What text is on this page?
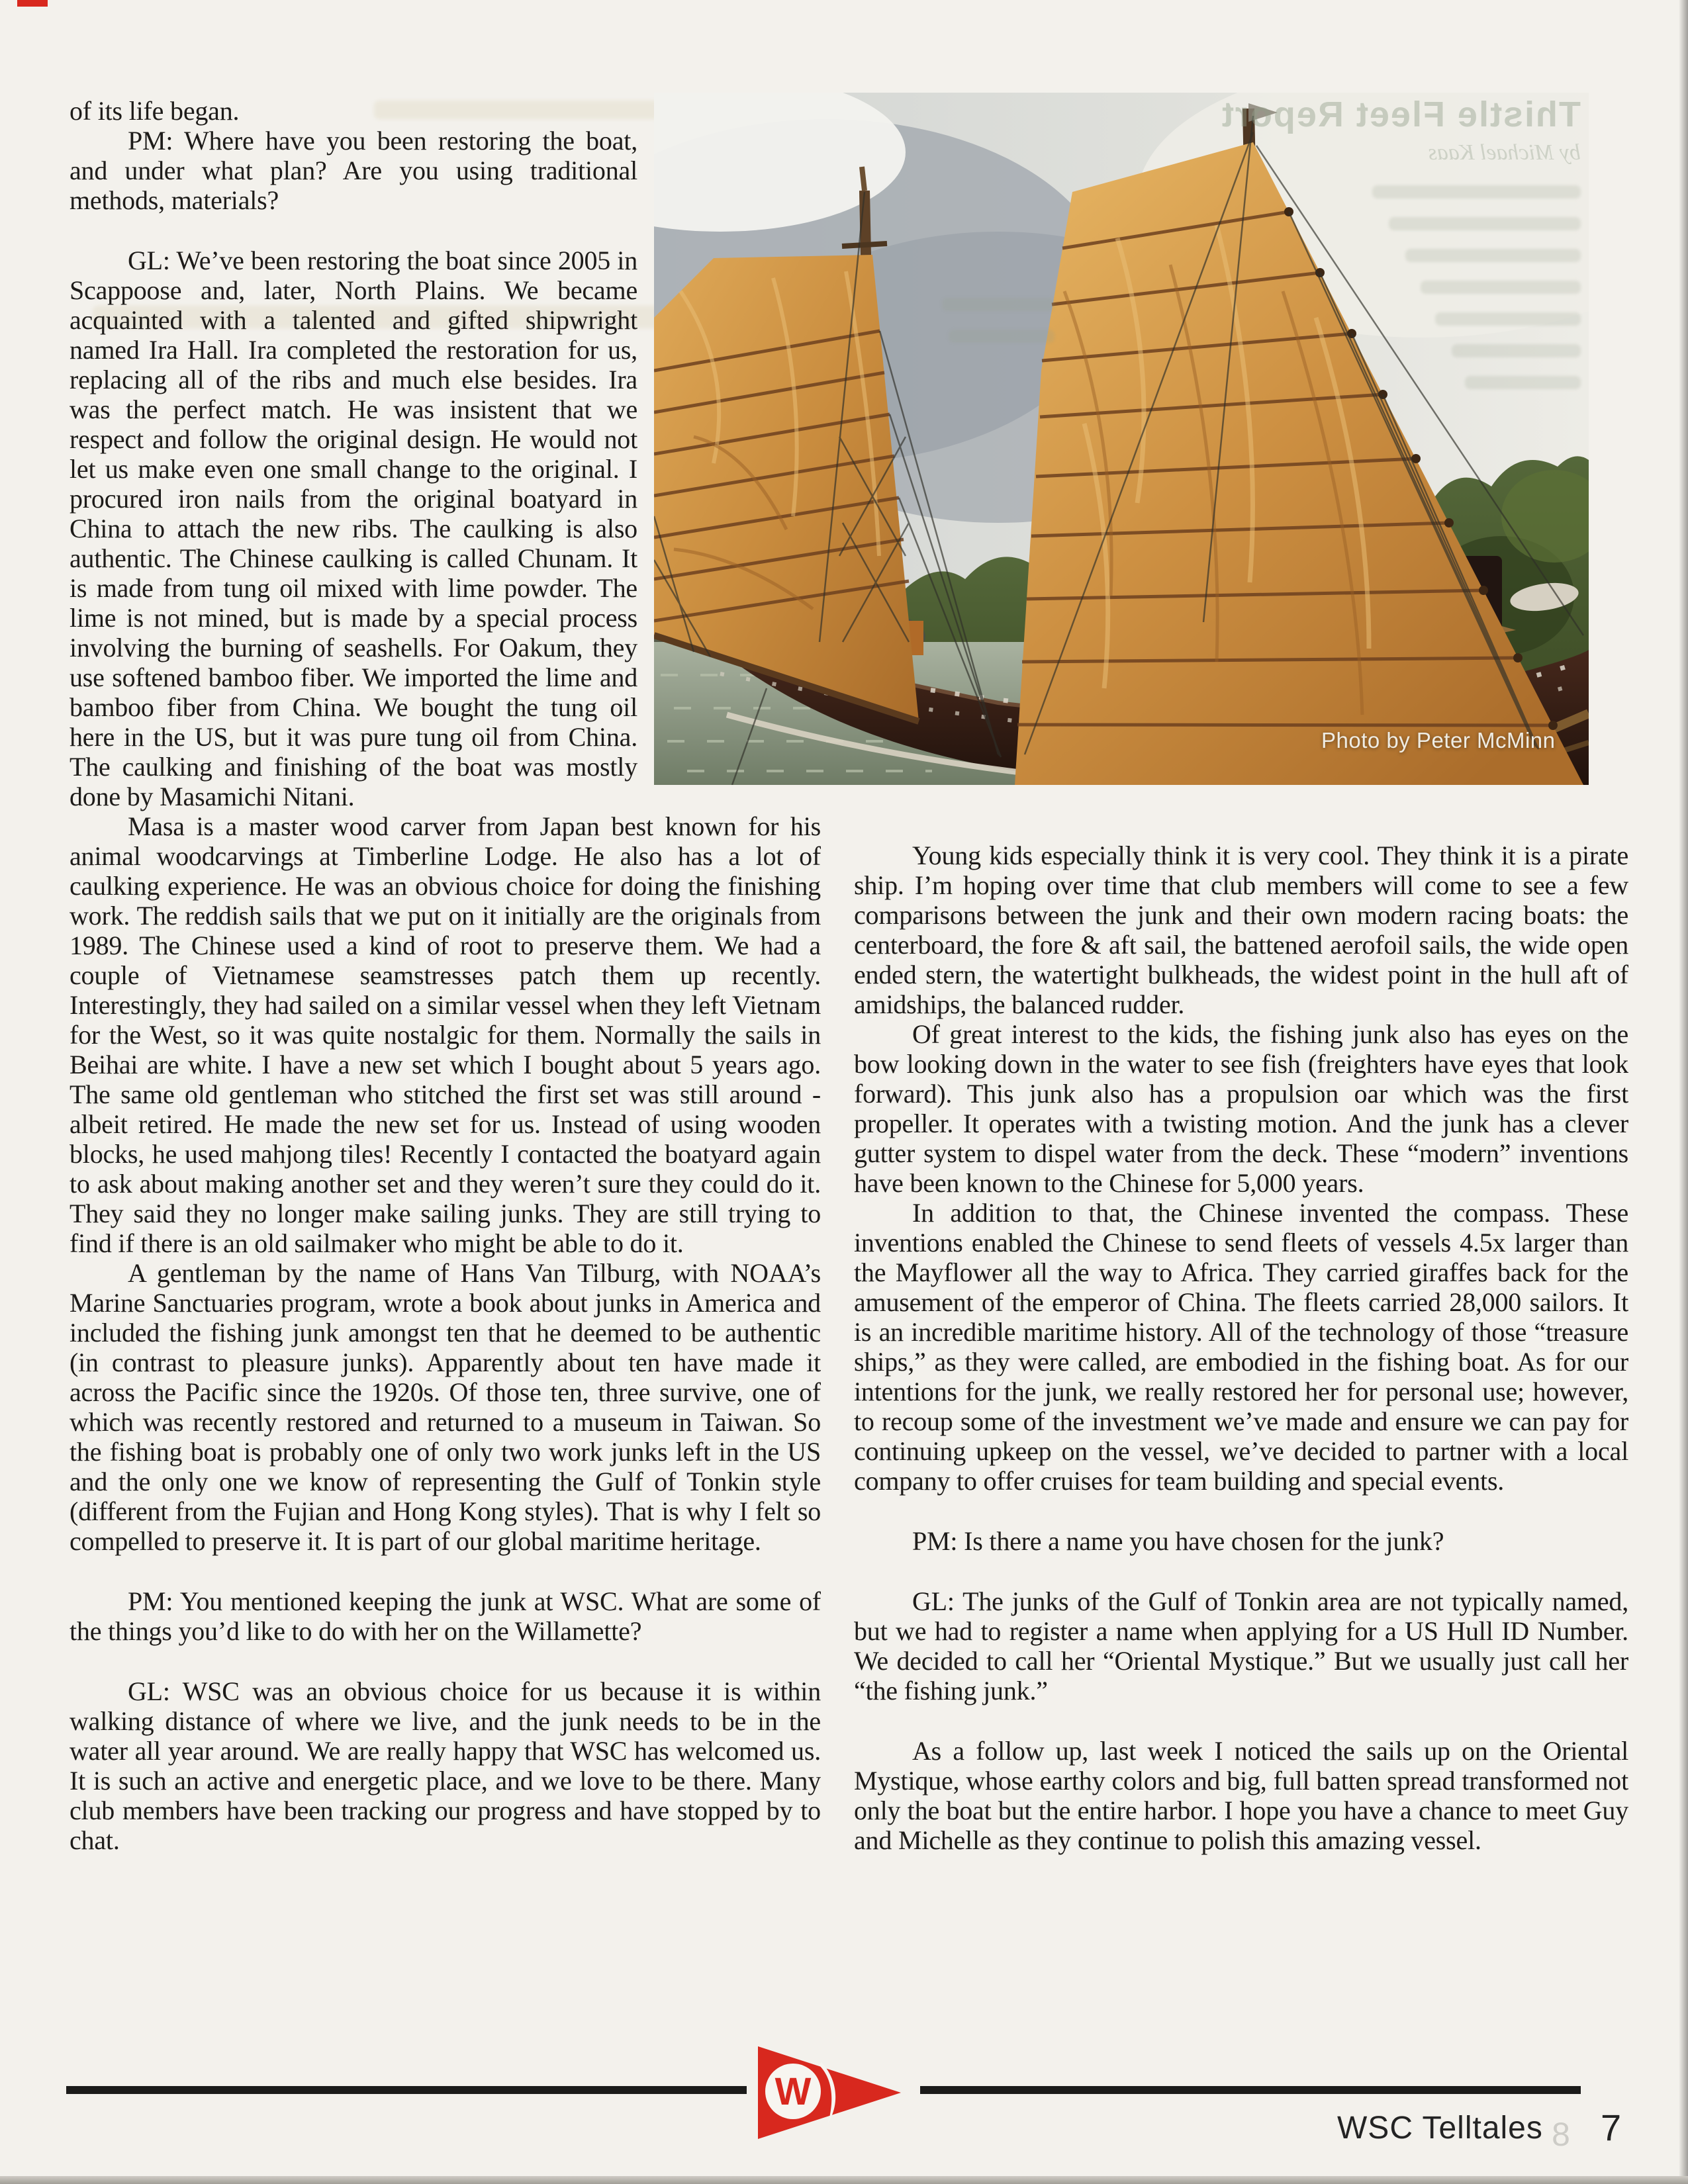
of its life began.

PM: Where have you been restoring the boat, and under what plan? Are you using traditional methods, materials?

GL: We’ve been restoring the boat since 2005 in Scappoose and, later, North Plains. We became acquainted with a talented and gifted shipwright named Ira Hall. Ira completed the restoration for us, replacing all of the ribs and much else besides. Ira was the perfect match. He was insistent that we respect and follow the original design. He would not let us make even one small change to the original. I procured iron nails from the original boatyard in China to attach the new ribs. The caulking is also authentic. The Chinese caulking is called Chunam. It is made from tung oil mixed with lime powder. The lime is not mined, but is made by a special process involving the burning of seashells. For Oakum, they use softened bamboo fiber. We imported the lime and bamboo fiber from China. We bought the tung oil here in the US, but it was pure tung oil from China. The caulking and finishing of the boat was mostly done by Masamichi Nitani.

Masa is a master wood carver from Japan best known for his animal woodcarvings at Timberline Lodge. He also has a lot of caulking experience. He was an obvious choice for doing the finishing work. The reddish sails that we put on it initially are the originals from 1989. The Chinese used a kind of root to preserve them. We had a couple of Vietnamese seamstresses patch them up recently. Interestingly, they had sailed on a similar vessel when they left Vietnam for the West, so it was quite nostalgic for them. Normally the sails in Beihai are white. I have a new set which I bought about 5 years ago. The same old gentleman who stitched the first set was still around - albeit retired. He made the new set for us. Instead of using wooden blocks, he used mahjong tiles! Recently I contacted the boatyard again to ask about making another set and they weren’t sure they could do it. They said they no longer make sailing junks. They are still trying to find if there is an old sailmaker who might be able to do it.

A gentleman by the name of Hans Van Tilburg, with NOAA’s Marine Sanctuaries program, wrote a book about junks in America and included the fishing junk amongst ten that he deemed to be authentic (in contrast to pleasure junks). Apparently about ten have made it across the Pacific since the 1920s. Of those ten, three survive, one of which was recently restored and returned to a museum in Taiwan. So the fishing boat is probably one of only two work junks left in the US and the only one we know of representing the Gulf of Tonkin style (different from the Fujian and Hong Kong styles). That is why I felt so compelled to preserve it. It is part of our global maritime heritage.

PM: You mentioned keeping the junk at WSC. What are some of the things you’d like to do with her on the Willamette?

GL: WSC was an obvious choice for us because it is within walking distance of where we live, and the junk needs to be in the water all year around. We are really happy that WSC has welcomed us. It is such an active and energetic place, and we love to be there. Many club members have been tracking our progress and have stopped by to chat.

Young kids especially think it is very cool. They think it is a pirate ship. I’m hoping over time that club members will come to see a few comparisons between the junk and their own modern racing boats: the centerboard, the fore & aft sail, the battened aerofoil sails, the wide open ended stern, the watertight bulkheads, the widest point in the hull aft of amidships, the balanced rudder.

Of great interest to the kids, the fishing junk also has eyes on the bow looking down in the water to see fish (freighters have eyes that look forward). This junk also has a propulsion oar which was the first propeller. It operates with a twisting motion. And the junk has a clever gutter system to dispel water from the deck. These “modern” inventions have been known to the Chinese for 5,000 years.

In addition to that, the Chinese invented the compass. These inventions enabled the Chinese to send fleets of vessels 4.5x larger than the Mayflower all the way to Africa. They carried giraffes back for the amusement of the emperor of China. The fleets carried 28,000 sailors. It is an incredible maritime history. All of the technology of those “treasure ships,” as they were called, are embodied in the fishing boat. As for our intentions for the junk, we really restored her for personal use; however, to recoup some of the investment we’ve made and ensure we can pay for continuing upkeep on the vessel, we’ve decided to partner with a local company to offer cruises for team building and special events.

PM: Is there a name you have chosen for the junk?

GL: The junks of the Gulf of Tonkin area are not typically named, but we had to register a name when applying for a US Hull ID Number. We decided to call her “Oriental Mystique.” But we usually just call her “the fishing junk.”

As a follow up, last week I noticed the sails up on the Oriental Mystique, whose earthy colors and big, full batten spread transformed not only the boat but the entire harbor. I hope you have a chance to meet Guy and Michelle as they continue to polish this amazing vessel.

Thistle Fleet Report
by Michael Kaas
Photo by Peter McMinn
W
8
WSC Telltales 7
